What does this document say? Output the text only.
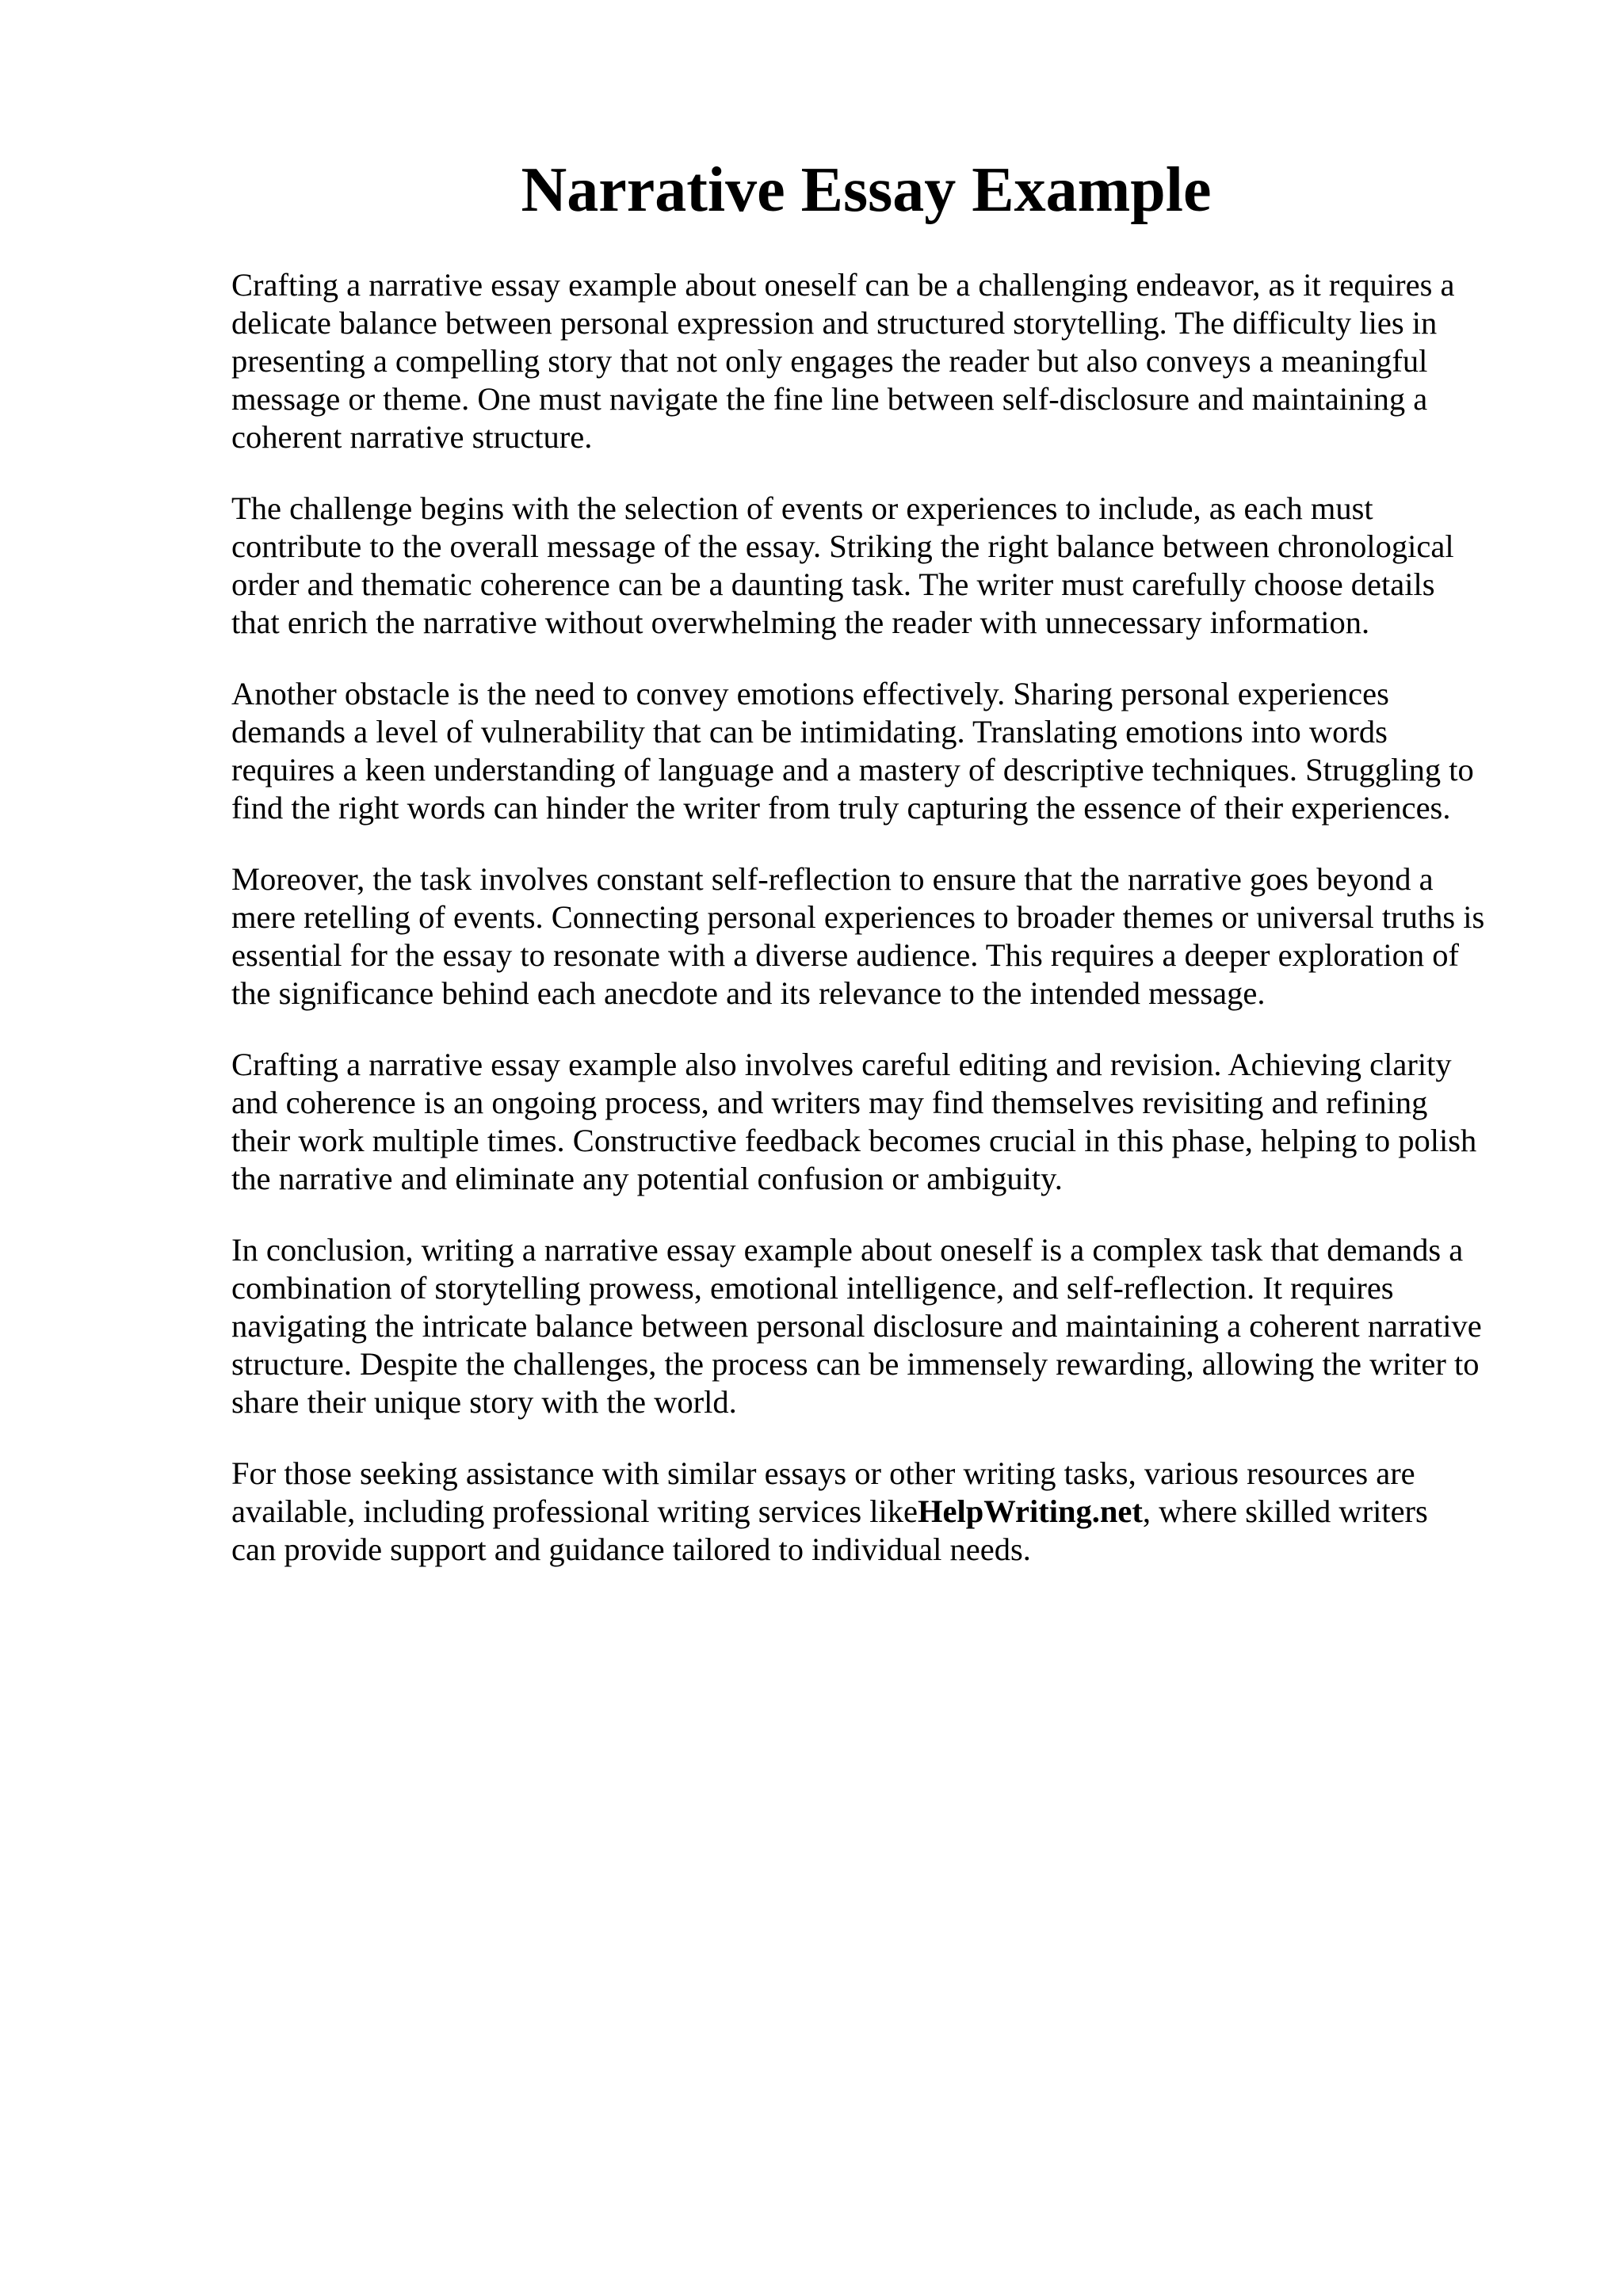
Narrative Essay Example

Crafting a narrative essay example about oneself can be a challenging endeavor, as it requires a
delicate balance between personal expression and structured storytelling. The difficulty lies in
presenting a compelling story that not only engages the reader but also conveys a meaningful
message or theme. One must navigate the fine line between self-disclosure and maintaining a
coherent narrative structure.

The challenge begins with the selection of events or experiences to include, as each must
contribute to the overall message of the essay. Striking the right balance between chronological
order and thematic coherence can be a daunting task. The writer must carefully choose details
that enrich the narrative without overwhelming the reader with unnecessary information.

Another obstacle is the need to convey emotions effectively. Sharing personal experiences
demands a level of vulnerability that can be intimidating. Translating emotions into words
requires a keen understanding of language and a mastery of descriptive techniques. Struggling to
find the right words can hinder the writer from truly capturing the essence of their experiences.

Moreover, the task involves constant self-reflection to ensure that the narrative goes beyond a
mere retelling of events. Connecting personal experiences to broader themes or universal truths is
essential for the essay to resonate with a diverse audience. This requires a deeper exploration of
the significance behind each anecdote and its relevance to the intended message.

Crafting a narrative essay example also involves careful editing and revision. Achieving clarity
and coherence is an ongoing process, and writers may find themselves revisiting and refining
their work multiple times. Constructive feedback becomes crucial in this phase, helping to polish
the narrative and eliminate any potential confusion or ambiguity.

In conclusion, writing a narrative essay example about oneself is a complex task that demands a
combination of storytelling prowess, emotional intelligence, and self-reflection. It requires
navigating the intricate balance between personal disclosure and maintaining a coherent narrative
structure. Despite the challenges, the process can be immensely rewarding, allowing the writer to
share their unique story with the world.

For those seeking assistance with similar essays or other writing tasks, various resources are
available, including professional writing services likeHelpWriting.net, where skilled writers
can provide support and guidance tailored to individual needs.
